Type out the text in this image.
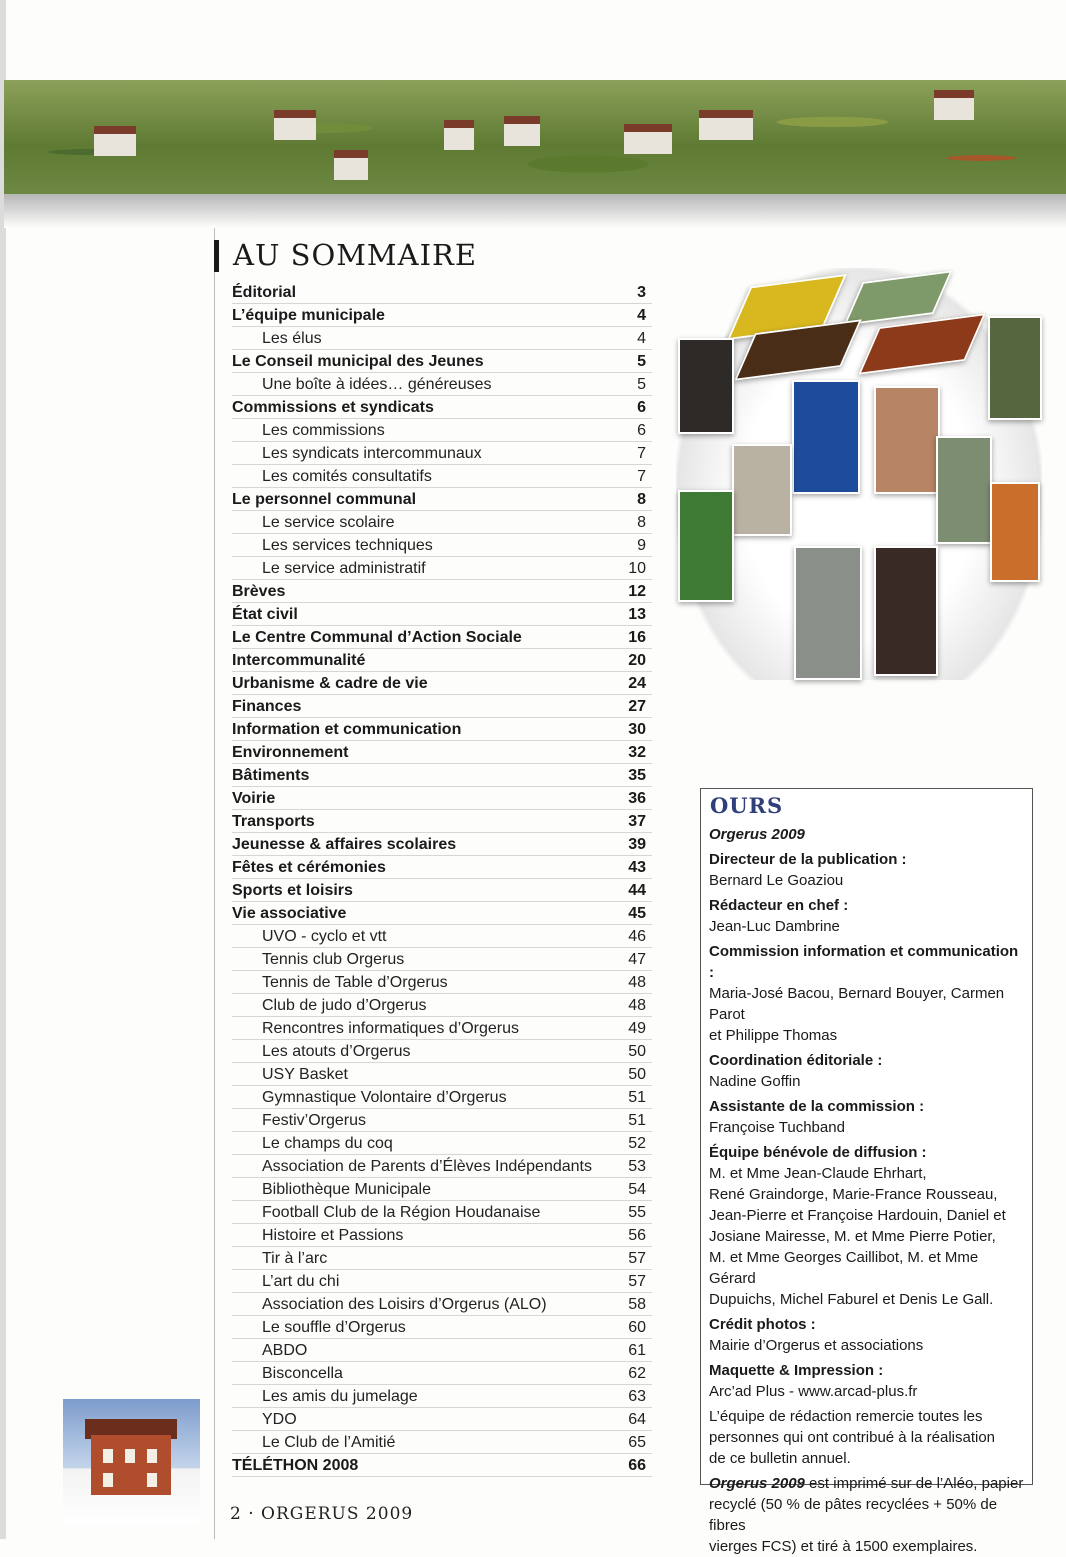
AU SOMMAIRE
Éditorial	3
L’équipe municipale	4
Les élus	4
Le Conseil municipal des Jeunes	5
Une boîte à idées… généreuses	5
Commissions et syndicats	6
Les commissions	6
Les syndicats intercommunaux	7
Les comités consultatifs	7
Le personnel communal	8
Le service scolaire	8
Les services techniques	9
Le service administratif	10
Brèves	12
État civil	13
Le Centre Communal d’Action Sociale	16
Intercommunalité	20
Urbanisme & cadre de vie	24
Finances	27
Information et communication	30
Environnement	32
Bâtiments	35
Voirie	36
Transports	37
Jeunesse & affaires scolaires	39
Fêtes et cérémonies	43
Sports et loisirs	44
Vie associative	45
UVO - cyclo et vtt	46
Tennis club Orgerus	47
Tennis de Table d’Orgerus	48
Club de judo d’Orgerus	48
Rencontres informatiques d’Orgerus	49
Les atouts d’Orgerus	50
USY Basket	50
Gymnastique Volontaire d’Orgerus	51
Festiv’Orgerus	51
Le champs du coq	52
Association de Parents d’Élèves Indépendants 53
Bibliothèque Municipale	54
Football Club de la Région Houdanaise	55
Histoire et Passions	56
Tir à l’arc	57
L’art du chi	57
Association des Loisirs d’Orgerus (ALO)	58
Le souffle d’Orgerus	60
ABDO	61
Bisconcella	62
Les amis du jumelage	63
YDO	64
Le Club de l’Amitié	65
TÉLÉTHON 2008	66
OURS

Orgerus 2009

Directeur de la publication :

Bernard Le Goaziou

Rédacteur en chef :

Jean-Luc Dambrine

Commission information et communication :

Maria-José Bacou, Bernard Bouyer, Carmen Parot

et Philippe Thomas

Coordination éditoriale :

Nadine Goffin

Assistante de la commission :

Françoise Tuchband

Équipe bénévole de diffusion :

M. et Mme Jean-Claude Ehrhart,

René Graindorge, Marie-France Rousseau,

Jean-Pierre et Françoise Hardouin, Daniel et

Josiane Mairesse, M. et Mme Pierre Potier,

M. et Mme Georges Caillibot, M. et Mme Gérard

Dupuichs, Michel Faburel et Denis Le Gall.

Crédit photos :

Mairie d’Orgerus et associations

Maquette & Impression :

Arc’ad Plus - www.arcad-plus.fr

L’équipe de rédaction remercie toutes les

personnes qui ont contribué à la réalisation

de ce bulletin annuel.

Orgerus 2009 est imprimé sur de l’Aléo, papier

recyclé (50 % de pâtes recyclées + 50% de fibres

vierges FCS) et tiré à 1500 exemplaires.

2 · ORGERUS 2009
